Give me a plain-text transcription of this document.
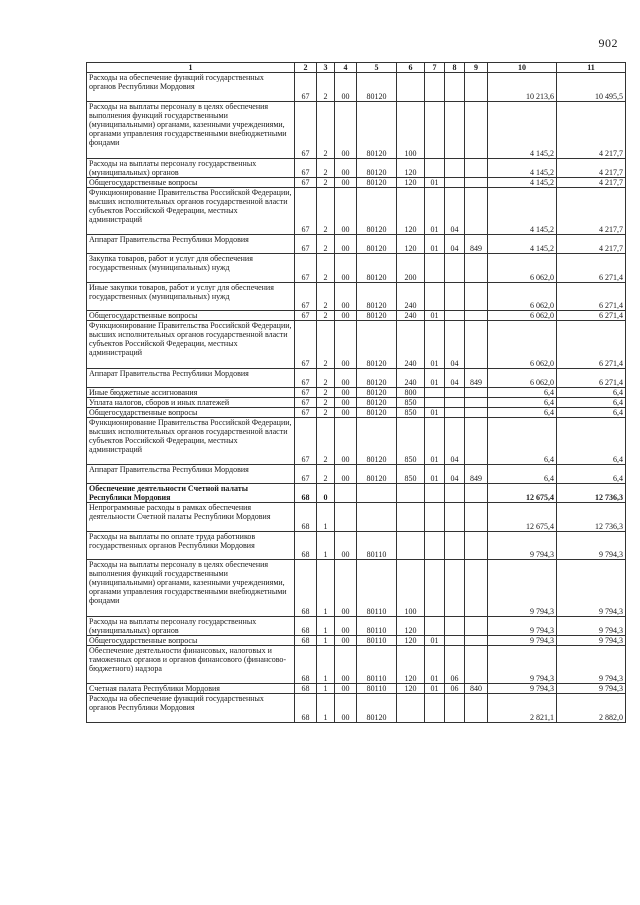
902
1	2	3	4	5	6	7	8	9	10	11
Расходы на обеспечение функций государственных органов Республики Мордовия	67	2	00	80120					10 213,6	10 495,5
Расходы на выплаты персоналу в целях обеспечения выполнения функций государственными (муниципальными) органами, казенными учреждениями, органами управления государственными внебюджетными фондами	67	2	00	80120	100				4 145,2	4 217,7
Расходы на выплаты персоналу государственных (муниципальных) органов	67	2	00	80120	120				4 145,2	4 217,7
Общегосударственные вопросы	67	2	00	80120	120	01			4 145,2	4 217,7
Функционирование Правительства Российской Федерации, высших исполнительных органов государственной власти субъектов Российской Федерации, местных администраций	67	2	00	80120	120	01	04		4 145,2	4 217,7
Аппарат Правительства Республики Мордовия	67	2	00	80120	120	01	04	849	4 145,2	4 217,7
Закупка товаров, работ и услуг для обеспечения государственных (муниципальных) нужд	67	2	00	80120	200				6 062,0	6 271,4
Иные закупки товаров, работ и услуг для обеспечения государственных (муниципальных) нужд	67	2	00	80120	240				6 062,0	6 271,4
Общегосударственные вопросы	67	2	00	80120	240	01			6 062,0	6 271,4
Функционирование Правительства Российской Федерации, высших исполнительных органов государственной власти субъектов Российской Федерации, местных администраций	67	2	00	80120	240	01	04		6 062,0	6 271,4
Аппарат Правительства Республики Мордовия	67	2	00	80120	240	01	04	849	6 062,0	6 271,4
Иные бюджетные ассигнования	67	2	00	80120	800				6,4	6,4
Уплата налогов, сборов и иных платежей	67	2	00	80120	850				6,4	6,4
Общегосударственные вопросы	67	2	00	80120	850	01			6,4	6,4
Функционирование Правительства Российской Федерации, высших исполнительных органов государственной власти субъектов Российской Федерации, местных администраций	67	2	00	80120	850	01	04		6,4	6,4
Аппарат Правительства Республики Мордовия	67	2	00	80120	850	01	04	849	6,4	6,4
Обеспечение деятельности Счетной палаты Республики Мордовия	68	0							12 675,4	12 736,3
Непрограммные расходы в рамках обеспечения деятельности Счетной палаты Республики Мордовия	68	1							12 675,4	12 736,3
Расходы на выплаты по оплате труда работников государственных органов Республики Мордовия	68	1	00	80110					9 794,3	9 794,3
Расходы на выплаты персоналу в целях обеспечения выполнения функций государственными (муниципальными) органами, казенными учреждениями, органами управления государственными внебюджетными фондами	68	1	00	80110	100				9 794,3	9 794,3
Расходы на выплаты персоналу государственных (муниципальных) органов	68	1	00	80110	120				9 794,3	9 794,3
Общегосударственные вопросы	68	1	00	80110	120	01			9 794,3	9 794,3
Обеспечение деятельности финансовых, налоговых и таможенных органов и органов финансового (финансово-бюджетного) надзора	68	1	00	80110	120	01	06		9 794,3	9 794,3
Счетная палата Республики Мордовия	68	1	00	80110	120	01	06	840	9 794,3	9 794,3
Расходы на обеспечение функций государственных органов Республики Мордовия	68	1	00	80120					2 821,1	2 882,0
